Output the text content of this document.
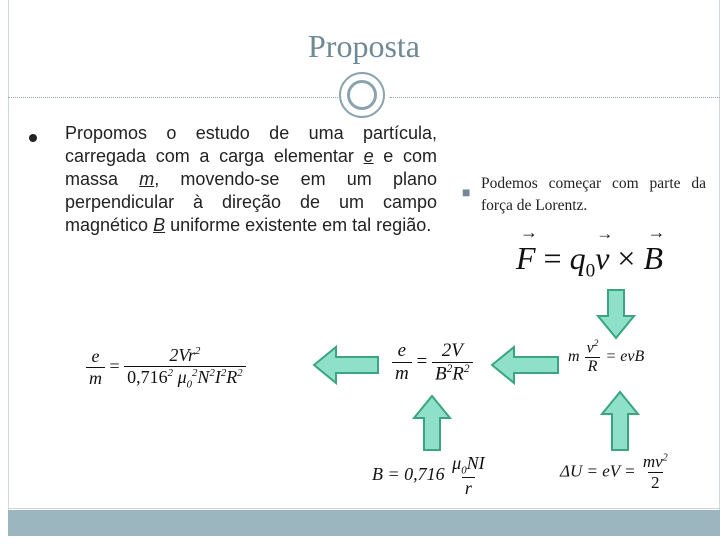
Proposta
Propomos o estudo de uma partícula, carregada com a carga elementar e e com massa m, movendo-se em um plano perpendicular à direção de um campo magnético B uniforme existente em tal região.
■ Podemos começar com parte da força de Lorentz.
F
→
= $q_0v$
→
× B
→
m $\frac{v^2}{R}$ = evB
ΔU = eV = $\frac{mv^2}{2}$
$\frac{e}{m} = \frac{2V}{B^2R^2}$
$B = 0,716 \frac{\mu_0NI}{r}$
$\frac{e}{m} = \frac{2Vr^2}{0,716^2 \mu_0^2N^2I^2R^2}$
